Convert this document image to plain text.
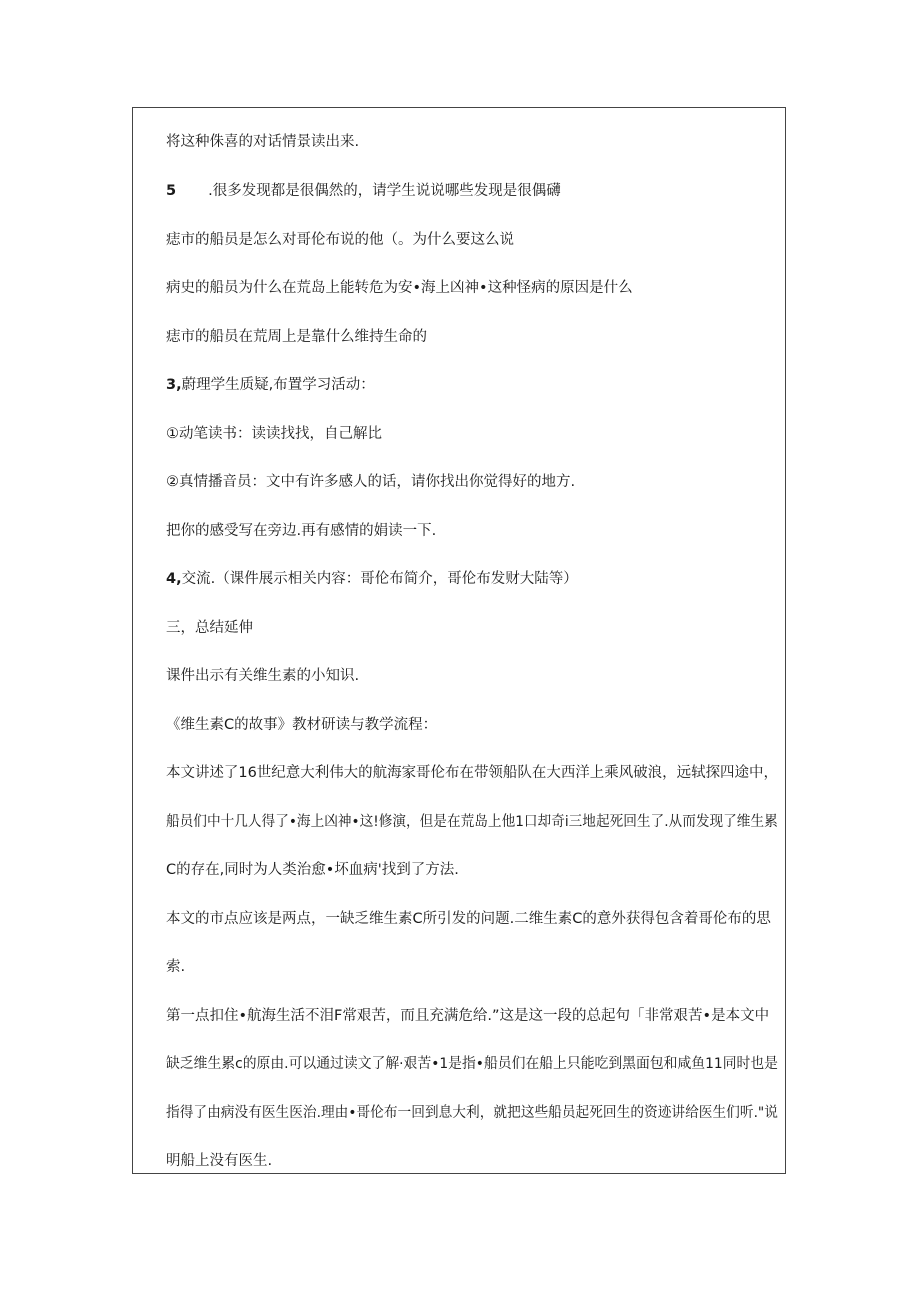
将这种侏喜的对话情景读出来.
5 .很多发现都是很偶然的，请学生说说哪些发现是很偶礴
痣市的船员是怎么对哥伦布说的他（。为什么要这么说
病史的船员为什么在荒岛上能转危为安•海上凶神•这种怪病的原因是什么
痣市的船员在荒周上是靠什么维持生命的
3,蔚理学生质疑,布置学习活动：
①动笔读书：读读找找，自己解比
②真情播音员：文中有许多感人的话，请你找出你觉得好的地方.
把你的感受写在旁边.再有感情的娟读一下.
4,交流.（课件展示相关内容：哥伦布简介，哥伦布发财大陆等）
三，总结延伸
课件出示有关维生素的小知识.
《维生素C的故事》教材研读与教学流程：
本文讲述了16世纪意大利伟大的航海家哥伦布在带领船队在大西洋上乘风破浪，远轼探四途中，
船员们中十几人得了•海上凶神•这!修演，但是在荒岛上他1口却奇i三地起死回生了.从而发现了维生累
C的存在,同时为人类治愈•坏血病'找到了方法.
本文的市点应该是两点，一缺乏维生素C所引发的问题.二维生素C的意外获得包含着哥伦布的思
索.
第一点扣住•航海生活不泪F常艰苦，而且充满危给.”这是这一段的总起句「非常艰苦•是本文中
缺乏维生累c的原由.可以通过读文了解·艰苦•1是指•船员们在船上只能吃到黑面包和咸鱼11同时也是
指得了由病没有医生医治.理由•哥伦布一回到息大利，就把这些船员起死回生的资迹讲给医生们听."说
明船上没有医生.
